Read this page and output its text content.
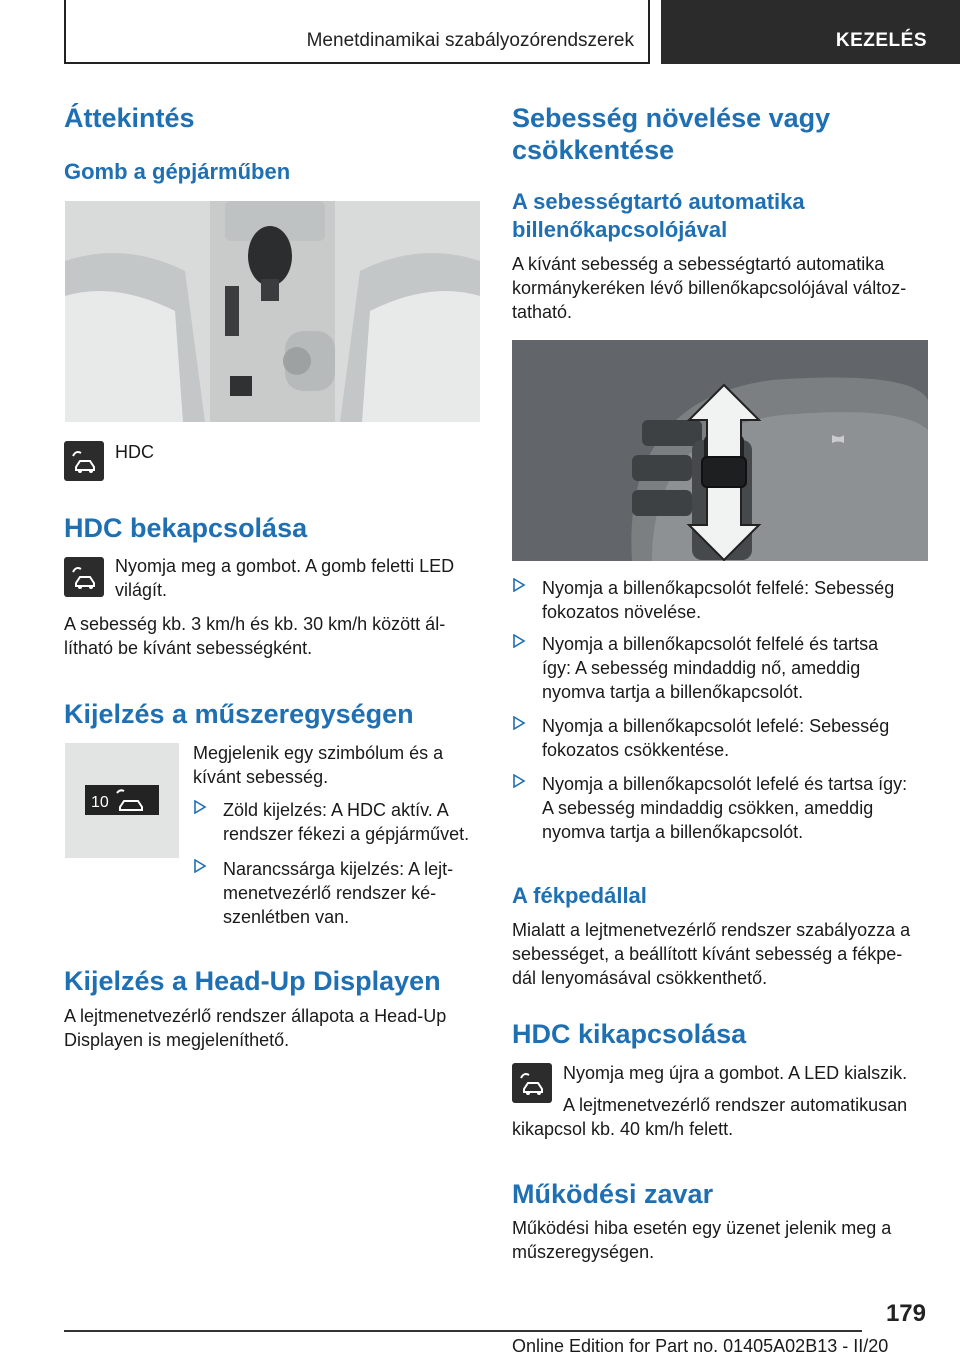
Menetdinamikai szabályozórendszerek	KEZELÉS
Áttekintés
Gomb a gépjárműben
HDC
HDC bekapcsolása
Nyomja meg a gombot. A gomb feletti LED
világít.
A sebesség kb. 3 km/h és kb. 30 km/h között ál‐
lítható be kívánt sebességként.
Kijelzés a műszeregységen
10
Megjelenik egy szimbólum és a
kívánt sebesség.
Zöld kijelzés: A HDC aktív. A
rendszer fékezi a gépjárművet.
Narancssárga kijelzés: A lejt‐
menetvezérlő rendszer ké‐
szenlétben van.
Kijelzés a Head-Up Displayen
A lejtmenetvezérlő rendszer állapota a Head-Up
Displayen is megjeleníthető.
Sebesség növelése vagy
csökkentése
A sebességtartó automatika
billenőkapcsolójával
A kívánt sebesség a sebességtartó automatika
kormánykeréken lévő billenőkapcsolójával változ‐
tatható.
Nyomja a billenőkapcsolót felfelé: Sebesség
fokozatos növelése.
Nyomja a billenőkapcsolót felfelé és tartsa
így: A sebesség mindaddig nő, ameddig
nyomva tartja a billenőkapcsolót.
Nyomja a billenőkapcsolót lefelé: Sebesség
fokozatos csökkentése.
Nyomja a billenőkapcsolót lefelé és tartsa így:
A sebesség mindaddig csökken, ameddig
nyomva tartja a billenőkapcsolót.
A fékpedállal
Mialatt a lejtmenetvezérlő rendszer szabályozza a
sebességet, a beállított kívánt sebesség a fékpe‐
dál lenyomásával csökkenthető.
HDC kikapcsolása
Nyomja meg újra a gombot. A LED kialszik.
A lejtmenetvezérlő rendszer automatikusan
kikapcsol kb. 40 km/h felett.
Működési zavar
Működési hiba esetén egy üzenet jelenik meg a
műszeregységen.
179
Online Edition for Part no. 01405A02B13 - II/20
